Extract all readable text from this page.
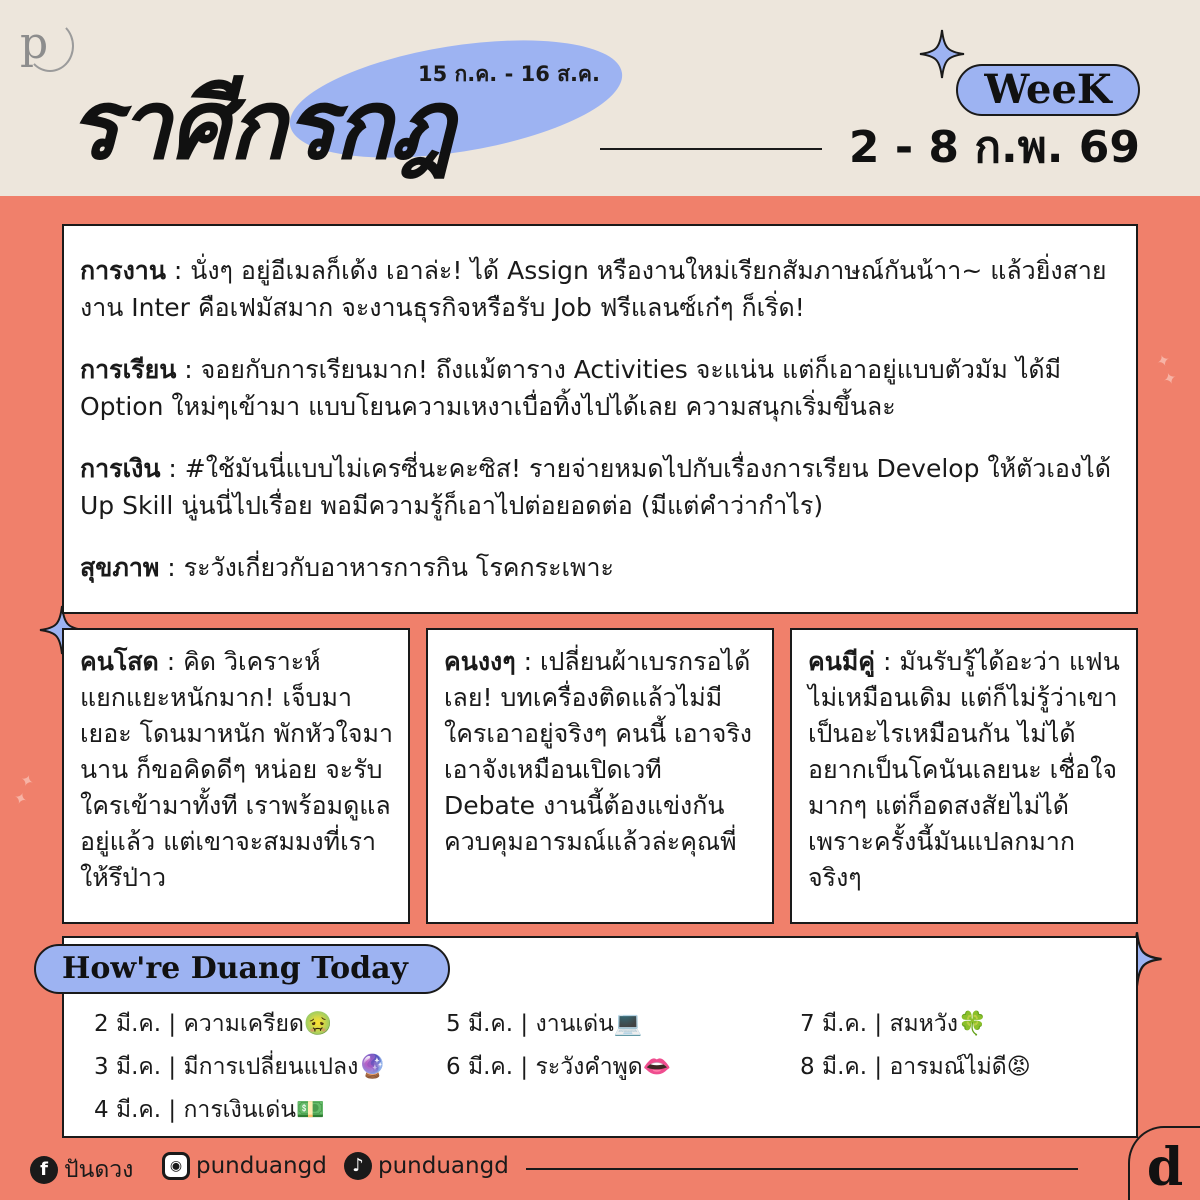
p
15 ก.ค. - 16 ส.ค.
ราศีกรกฎ	WeeK
2 - 8 ก.พ. 69
✦ ✦
✦ ✦

การงาน : นั่งๆ อยู่อีเมลก็เด้ง เอาล่ะ! ได้ Assign หรืองานใหม่เรียกสัมภาษณ์กันน้าา~ แล้วยิ่งสายงาน Inter คือเฟมัสมาก จะงานธุรกิจหรือรับ Job ฟรีแลนซ์เก๋ๆ ก็เริ่ด!

การเรียน : จอยกับการเรียนมาก! ถึงแม้ตาราง Activities จะแน่น แต่ก็เอาอยู่แบบตัวมัม ได้มี Option ใหม่ๆเข้ามา แบบโยนความเหงาเบื่อทิ้งไปได้เลย ความสนุกเริ่มขึ้นละ

การเงิน : #ใช้มันนี่แบบไม่เครซี่นะคะซิส! รายจ่ายหมดไปกับเรื่องการเรียน Develop ให้ตัวเองได้ Up Skill นู่นนี่ไปเรื่อย พอมีความรู้ก็เอาไปต่อยอดต่อ (มีแต่คำว่ากำไร)

สุขภาพ : ระวังเกี่ยวกับอาหารการกิน โรคกระเพาะ

คนโสด : คิด วิเคราะห์ แยกแยะหนักมาก! เจ็บมาเยอะ โดนมาหนัก พักหัวใจมานาน ก็ขอคิดดีๆ หน่อย จะรับใครเข้ามาทั้งที เราพร้อมดูแลอยู่แล้ว แต่เขาจะสมมงที่เราให้รึป่าว

คนงงๆ : เปลี่ยนผ้าเบรกรอได้เลย! บทเครื่องติดแล้วไม่มีใครเอาอยู่จริงๆ คนนี้ เอาจริงเอาจังเหมือนเปิดเวที Debate งานนี้ต้องแข่งกันควบคุมอารมณ์แล้วล่ะคุณพี่

คนมีคู่ : มันรับรู้ได้อะว่า แฟนไม่เหมือนเดิม แต่ก็ไม่รู้ว่าเขาเป็นอะไรเหมือนกัน ไม่ได้อยากเป็นโคนันเลยนะ เชื่อใจมากๆ แต่ก็อดสงสัยไม่ได้ เพราะครั้งนี้มันแปลกมากจริงๆ

How're Duang Today
2 มี.ค. | ความเครียด🤢
3 มี.ค. | มีการเปลี่ยนแปลง🔮
4 มี.ค. | การเงินเด่น💵
5 มี.ค. | งานเด่น💻
6 มี.ค. | ระวังคำพูด👄
7 มี.ค. | สมหวัง🍀
8 มี.ค. | อารมณ์ไม่ดี😡
f ปันดวง	◉ punduangd	♪ punduangd	d
